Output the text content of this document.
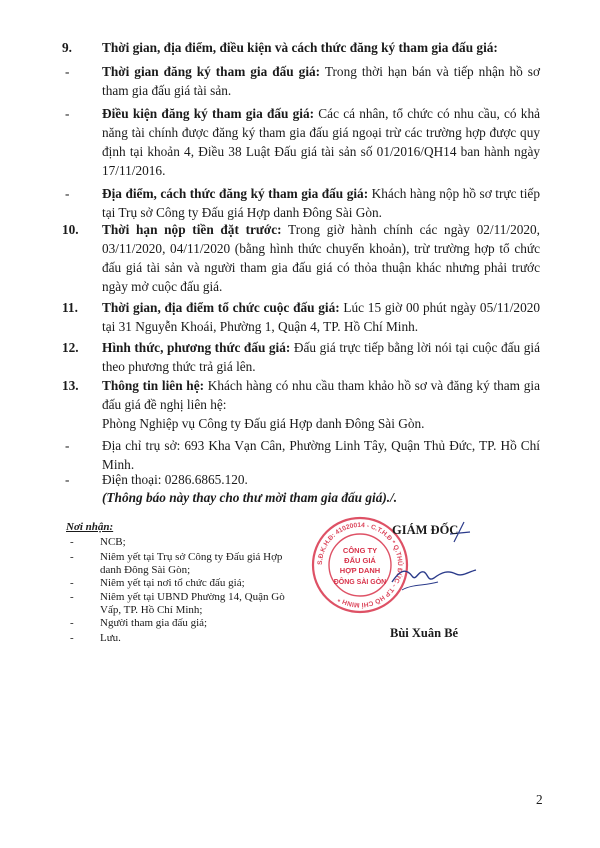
9.	Thời gian, địa điểm, điều kiện và cách thức đăng ký tham gia đấu giá:
-	Thời gian đăng ký tham gia đấu giá: Trong thời hạn bán và tiếp nhận hồ sơ tham gia đấu giá tài sản.
-	Điều kiện đăng ký tham gia đấu giá: Các cá nhân, tổ chức có nhu cầu, có khả năng tài chính được đăng ký tham gia đấu giá ngoại trừ các trường hợp được quy định tại khoản 4, Điều 38 Luật Đấu giá tài sản số 01/2016/QH14 ban hành ngày 17/11/2016.
-	Địa điểm, cách thức đăng ký tham gia đấu giá: Khách hàng nộp hồ sơ trực tiếp tại Trụ sở Công ty Đấu giá Hợp danh Đông Sài Gòn.
10.	Thời hạn nộp tiền đặt trước: Trong giờ hành chính các ngày 02/11/2020, 03/11/2020, 04/11/2020 (bằng hình thức chuyển khoản), trừ trường hợp tổ chức đấu giá tài sản và người tham gia đấu giá có thỏa thuận khác nhưng phải trước ngày mở cuộc đấu giá.
11.	Thời gian, địa điểm tổ chức cuộc đấu giá: Lúc 15 giờ 00 phút ngày 05/11/2020 tại 31 Nguyễn Khoái, Phường 1, Quận 4, TP. Hồ Chí Minh.
12.	Hình thức, phương thức đấu giá: Đấu giá trực tiếp bằng lời nói tại cuộc đấu giá theo phương thức trả giá lên.
13.	Thông tin liên hệ: Khách hàng có nhu cầu tham khảo hồ sơ và đăng ký tham gia đấu giá đề nghị liên hệ:
Phòng Nghiệp vụ Công ty Đấu giá Hợp danh Đông Sài Gòn.
-	Địa chỉ trụ sở: 693 Kha Vạn Cân, Phường Linh Tây, Quận Thủ Đức, TP. Hồ Chí Minh.
-	Điện thoại: 0286.6865.120.
(Thông báo này thay cho thư mời tham gia đấu giá)./.
Nơi nhận:
-	NCB;
-	Niêm yết tại Trụ sở Công ty Đấu giá Hợp danh Đông Sài Gòn;
-	Niêm yết tại nơi tổ chức đấu giá;
-	Niêm yết tại UBND Phường 14, Quận Gò Vấp, TP. Hồ Chí Minh;
-	Người tham gia đấu giá;
-	Lưu.
S.Đ.K.H.Đ: 41020014 - C.T.H.Đ * Q.THỦ ĐỨC - T.P HỒ CHÍ MINH *
CÔNG TY
ĐẤU GIÁ
HỢP DANH
ĐÔNG SÀI GÒN
GIÁM ĐỐC
Bùi Xuân Bé
2
